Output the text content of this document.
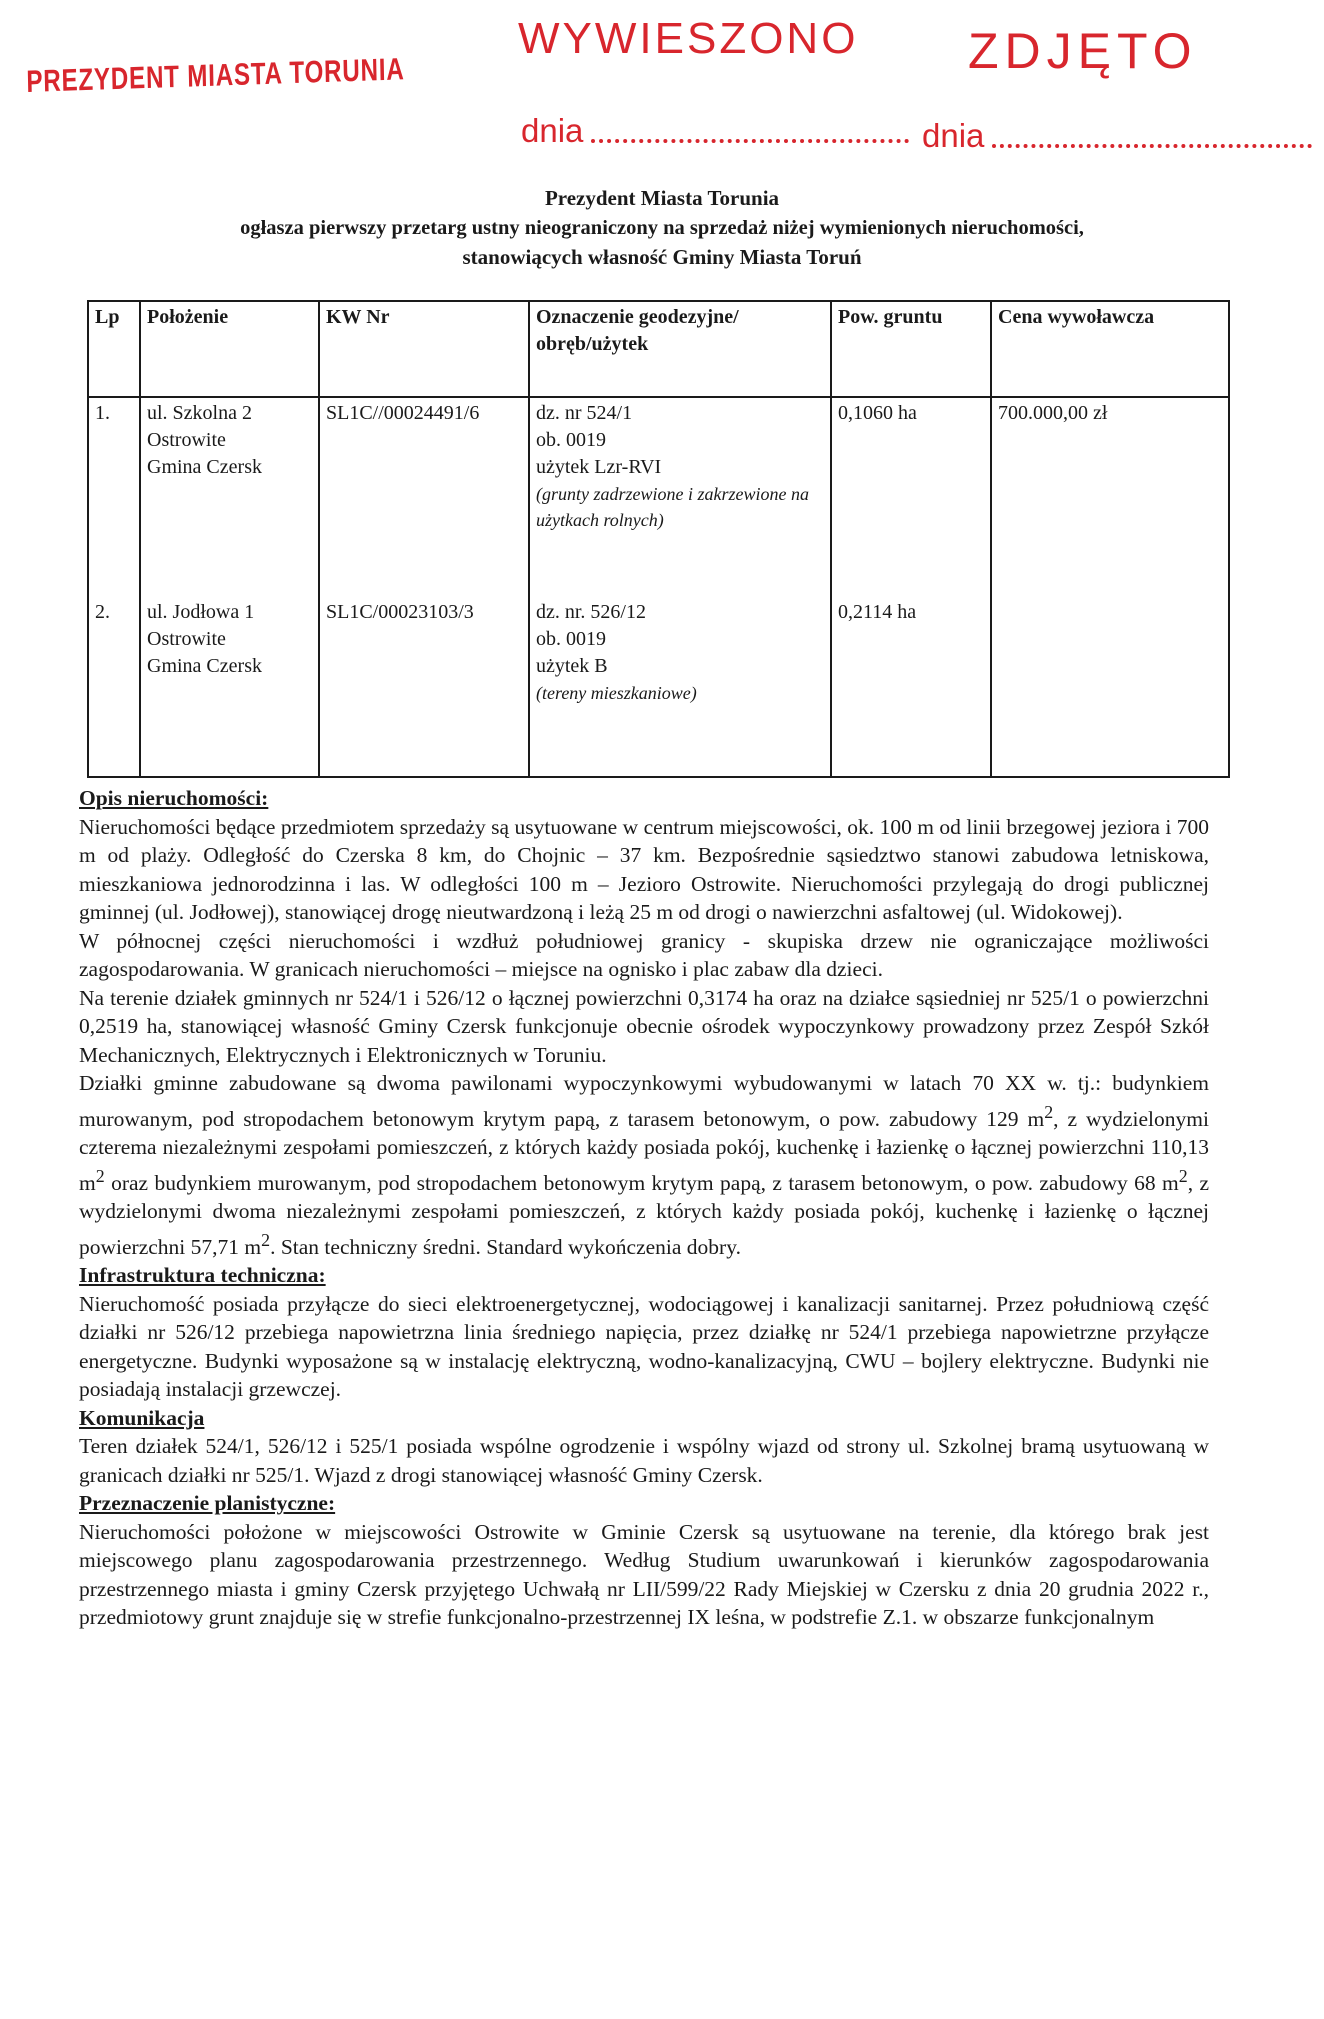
PREZYDENT MIASTA TORUNIA
WYWIESZONO ZDJĘTO
dnia	dnia
Prezydent Miasta Torunia
ogłasza pierwszy przetarg ustny nieograniczony na sprzedaż niżej wymienionych nieruchomości,
stanowiących własność Gminy Miasta Toruń
Lp	Położenie	KW Nr	Oznaczenie geodezyjne/ obręb/użytek	Pow. gruntu	Cena wywoławcza
1.	ul. Szkolna 2
Ostrowite
Gmina Czersk	SL1C//00024491/6	dz. nr 524/1
ob. 0019
użytek Lzr-RVI
(grunty zadrzewione i zakrzewione na użytkach rolnych)	0,1060 ha	700.000,00 zł
2.	ul. Jodłowa 1
Ostrowite
Gmina Czersk	SL1C/00023103/3	dz. nr. 526/12
ob. 0019
użytek B
(tereny mieszkaniowe)	0,2114 ha	
Opis nieruchomości:
Nieruchomości będące przedmiotem sprzedaży są usytuowane w centrum miejscowości, ok. 100 m od linii brzegowej jeziora i 700 m od plaży. Odległość do Czerska 8 km, do Chojnic – 37 km. Bezpośrednie sąsiedztwo stanowi zabudowa letniskowa, mieszkaniowa jednorodzinna i las. W odległości 100 m – Jezioro Ostrowite. Nieruchomości przylegają do drogi publicznej gminnej (ul. Jodłowej), stanowiącej drogę nieutwardzoną i leżą 25 m od drogi o nawierzchni asfaltowej (ul. Widokowej).
W północnej części nieruchomości i wzdłuż południowej granicy - skupiska drzew nie ograniczające możliwości zagospodarowania. W granicach nieruchomości – miejsce na ognisko i plac zabaw dla dzieci.
Na terenie działek gminnych nr 524/1 i 526/12 o łącznej powierzchni 0,3174 ha oraz na działce sąsiedniej nr 525/1 o powierzchni 0,2519 ha, stanowiącej własność Gminy Czersk funkcjonuje obecnie ośrodek wypoczynkowy prowadzony przez Zespół Szkół Mechanicznych, Elektrycznych i Elektronicznych w Toruniu.
Działki gminne zabudowane są dwoma pawilonami wypoczynkowymi wybudowanymi w latach 70 XX w. tj.: budynkiem murowanym, pod stropodachem betonowym krytym papą, z tarasem betonowym, o pow. zabudowy 129 $m^2$, z wydzielonymi czterema niezależnymi zespołami pomieszczeń, z których każdy posiada pokój, kuchenkę i łazienkę o łącznej powierzchni 110,13 $m^2$ oraz budynkiem murowanym, pod stropodachem betonowym krytym papą, z tarasem betonowym, o pow. zabudowy 68 $m^2$, z wydzielonymi dwoma niezależnymi zespołami pomieszczeń, z których każdy posiada pokój, kuchenkę i łazienkę o łącznej powierzchni 57,71 $m^2$. Stan techniczny średni. Standard wykończenia dobry.
Infrastruktura techniczna:
Nieruchomość posiada przyłącze do sieci elektroenergetycznej, wodociągowej i kanalizacji sanitarnej. Przez południową część działki nr 526/12 przebiega napowietrzna linia średniego napięcia, przez działkę nr 524/1 przebiega napowietrzne przyłącze energetyczne. Budynki wyposażone są w instalację elektryczną, wodno-kanalizacyjną, CWU – bojlery elektryczne. Budynki nie posiadają instalacji grzewczej.
Komunikacja
Teren działek 524/1, 526/12 i 525/1 posiada wspólne ogrodzenie i wspólny wjazd od strony ul. Szkolnej bramą usytuowaną w granicach działki nr 525/1. Wjazd z drogi stanowiącej własność Gminy Czersk.
Przeznaczenie planistyczne:
Nieruchomości położone w miejscowości Ostrowite w Gminie Czersk są usytuowane na terenie, dla którego brak jest miejscowego planu zagospodarowania przestrzennego. Według Studium uwarunkowań i kierunków zagospodarowania przestrzennego miasta i gminy Czersk przyjętego Uchwałą nr LII/599/22 Rady Miejskiej w Czersku z dnia 20 grudnia 2022 r., przedmiotowy grunt znajduje się w strefie funkcjonalno-przestrzennej IX leśna, w podstrefie Z.1. w obszarze funkcjonalnym
